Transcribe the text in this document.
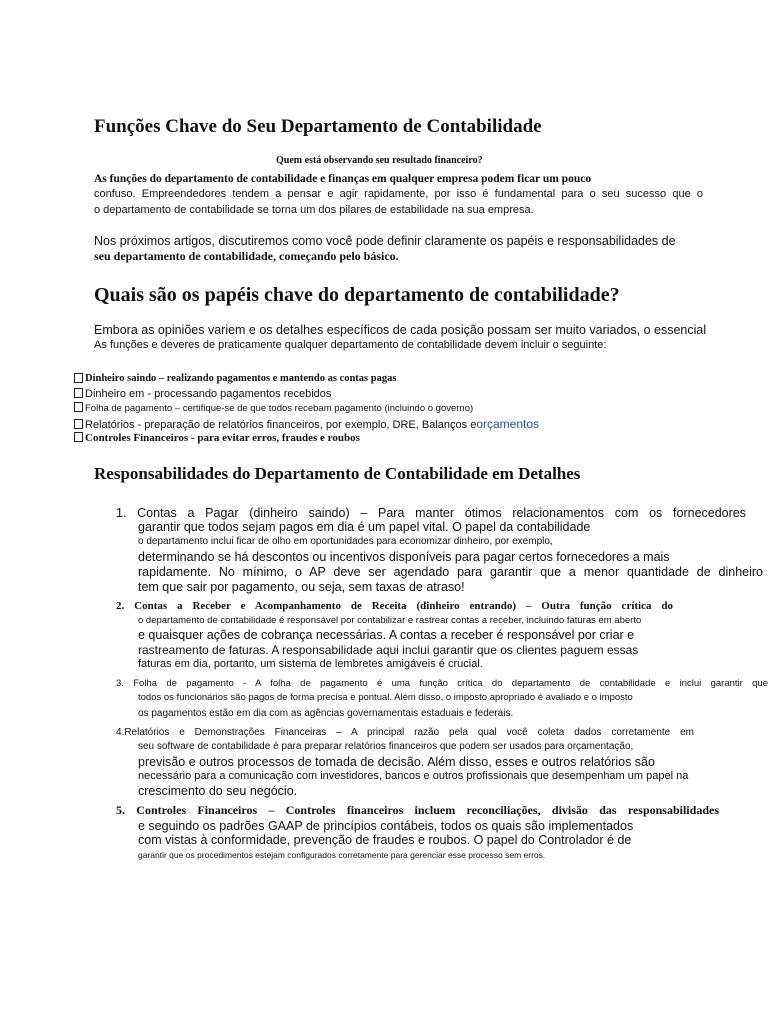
Funções Chave do Seu Departamento de Contabilidade
Quem está observando seu resultado financeiro?
As funções do departamento de contabilidade e finanças em qualquer empresa podem ficar um pouco
confuso. Empreendedores tendem a pensar e agir rapidamente, por isso é fundamental para o seu sucesso que o
o departamento de contabilidade se torna um dos pilares de estabilidade na sua empresa.
Nos próximos artigos, discutiremos como você pode definir claramente os papéis e responsabilidades de
seu departamento de contabilidade, começando pelo básico.
Quais são os papéis chave do departamento de contabilidade?
Embora as opiniões variem e os detalhes específicos de cada posição possam ser muito variados, o essencial
As funções e deveres de praticamente qualquer departamento de contabilidade devem incluir o seguinte:
Dinheiro saindo – realizando pagamentos e mantendo as contas pagas
Dinheiro em - processando pagamentos recebidos
Folha de pagamento – certifique-se de que todos recebam pagamento (incluindo o governo)
Relatórios - preparação de relatórios financeiros, por exemplo, DRE, Balanços eorçamentos
Controles Financeiros - para evitar erros, fraudes e roubos
Responsabilidades do Departamento de Contabilidade em Detalhes
1. Contas a Pagar (dinheiro saindo) – Para manter ótimos relacionamentos com os fornecedores
garantir que todos sejam pagos em dia é um papel vital. O papel da contabilidade
o departamento inclui ficar de olho em oportunidades para economizar dinheiro, por exemplo,
determinando se há descontos ou incentivos disponíveis para pagar certos fornecedores a mais
rapidamente. No mínimo, o AP deve ser agendado para garantir que a menor quantidade de dinheiro
tem que sair por pagamento, ou seja, sem taxas de atraso!
2. Contas a Receber e Acompanhamento de Receita (dinheiro entrando) – Outra função crítica do
o departamento de contabilidade é responsável por contabilizar e rastrear contas a receber, incluindo faturas em aberto
e quaisquer ações de cobrança necessárias. A contas a receber é responsável por criar e
rastreamento de faturas. A responsabilidade aqui inclui garantir que os clientes paguem essas
faturas em dia, portanto, um sistema de lembretes amigáveis é crucial.
3. Folha de pagamento - A folha de pagamento é uma função crítica do departamento de contabilidade e inclui garantir que
todos os funcionários são pagos de forma precisa e pontual. Além disso, o imposto apropriado é avaliado e o imposto
os pagamentos estão em dia com as agências governamentais estaduais e federais.
4.Relatórios e Demonstrações Financeiras – A principal razão pela qual você coleta dados corretamente em
seu software de contabilidade é para preparar relatórios financeiros que podem ser usados para orçamentação,
previsão e outros processos de tomada de decisão. Além disso, esses e outros relatórios são
necessário para a comunicação com investidores, bancos e outros profissionais que desempenham um papel na
crescimento do seu negócio.
5. Controles Financeiros – Controles financeiros incluem reconciliações, divisão das responsabilidades
e seguindo os padrões GAAP de princípios contábeis, todos os quais são implementados
com vistas à conformidade, prevenção de fraudes e roubos. O papel do Controlador é de
garantir que os procedimentos estejam configurados corretamente para gerenciar esse processo sem erros.
